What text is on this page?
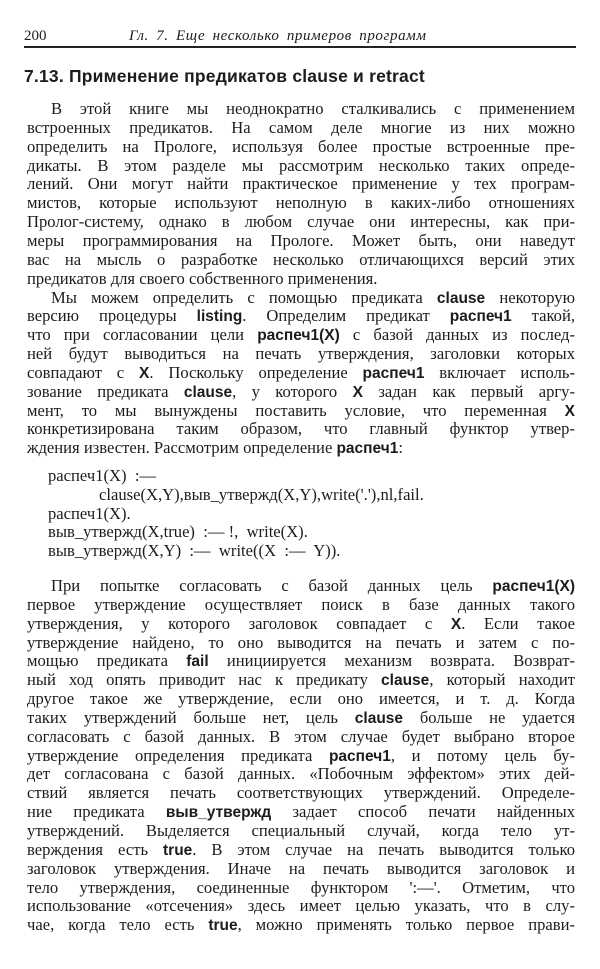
200	Гл. 7. Еще несколько примеров программ
7.13. Применение предикатов clause и retract
В этой книге мы неоднократно сталкивались с применением
встроенных предикатов. На самом деле многие из них можно
определить на Прологе, используя более простые встроенные пре-
дикаты. В этом разделе мы рассмотрим несколько таких опреде-
лений. Они могут найти практическое применение у тех програм-
мистов, которые используют неполную в каких-либо отношениях
Пролог-систему, однако в любом случае они интересны, как при-
меры программирования на Прологе. Может быть, они наведут
вас на мысль о разработке несколько отличающихся версий этих
предикатов для своего собственного применения.
Мы можем определить с помощью предиката clause некоторую
версию процедуры listing. Определим предикат распеч1 такой,
что при согласовании цели распеч1(X) с базой данных из послед-
ней будут выводиться на печать утверждения, заголовки которых
совпадают с X. Поскольку определение распеч1 включает исполь-
зование предиката clause, у которого X задан как первый аргу-
мент, то мы вынуждены поставить условие, что переменная X
конкретизирована таким образом, что главный функтор утвер-
ждения известен. Рассмотрим определение распеч1:
распеч1(X)  :—
clause(X,Y),выв_утвержд(X,Y),write('.'),nl,fail.
распеч1(X).
выв_утвержд(X,true)  :— !,  write(X).
выв_утвержд(X,Y)  :—  write((X  :—  Y)).
При попытке согласовать с базой данных цель распеч1(X)
первое утверждение осуществляет поиск в базе данных такого
утверждения, у которого заголовок совпадает с X. Если такое
утверждение найдено, то оно выводится на печать и затем с по-
мощью предиката fail инициируется механизм возврата. Возврат-
ный ход опять приводит нас к предикату clause, который находит
другое такое же утверждение, если оно имеется, и т. д. Когда
таких утверждений больше нет, цель clause больше не удается
согласовать с базой данных. В этом случае будет выбрано второе
утверждение определения предиката распеч1, и потому цель бу-
дет согласована с базой данных. «Побочным эффектом» этих дей-
ствий является печать соответствующих утверждений. Определе-
ние предиката выв_утвержд задает способ печати найденных
утверждений. Выделяется специальный случай, когда тело ут-
верждения есть true. В этом случае на печать выводится только
заголовок утверждения. Иначе на печать выводится заголовок и
тело утверждения, соединенные функтором ':—'. Отметим, что
использование «отсечения» здесь имеет целью указать, что в слу-
чае, когда тело есть true, можно применять только первое прави-
